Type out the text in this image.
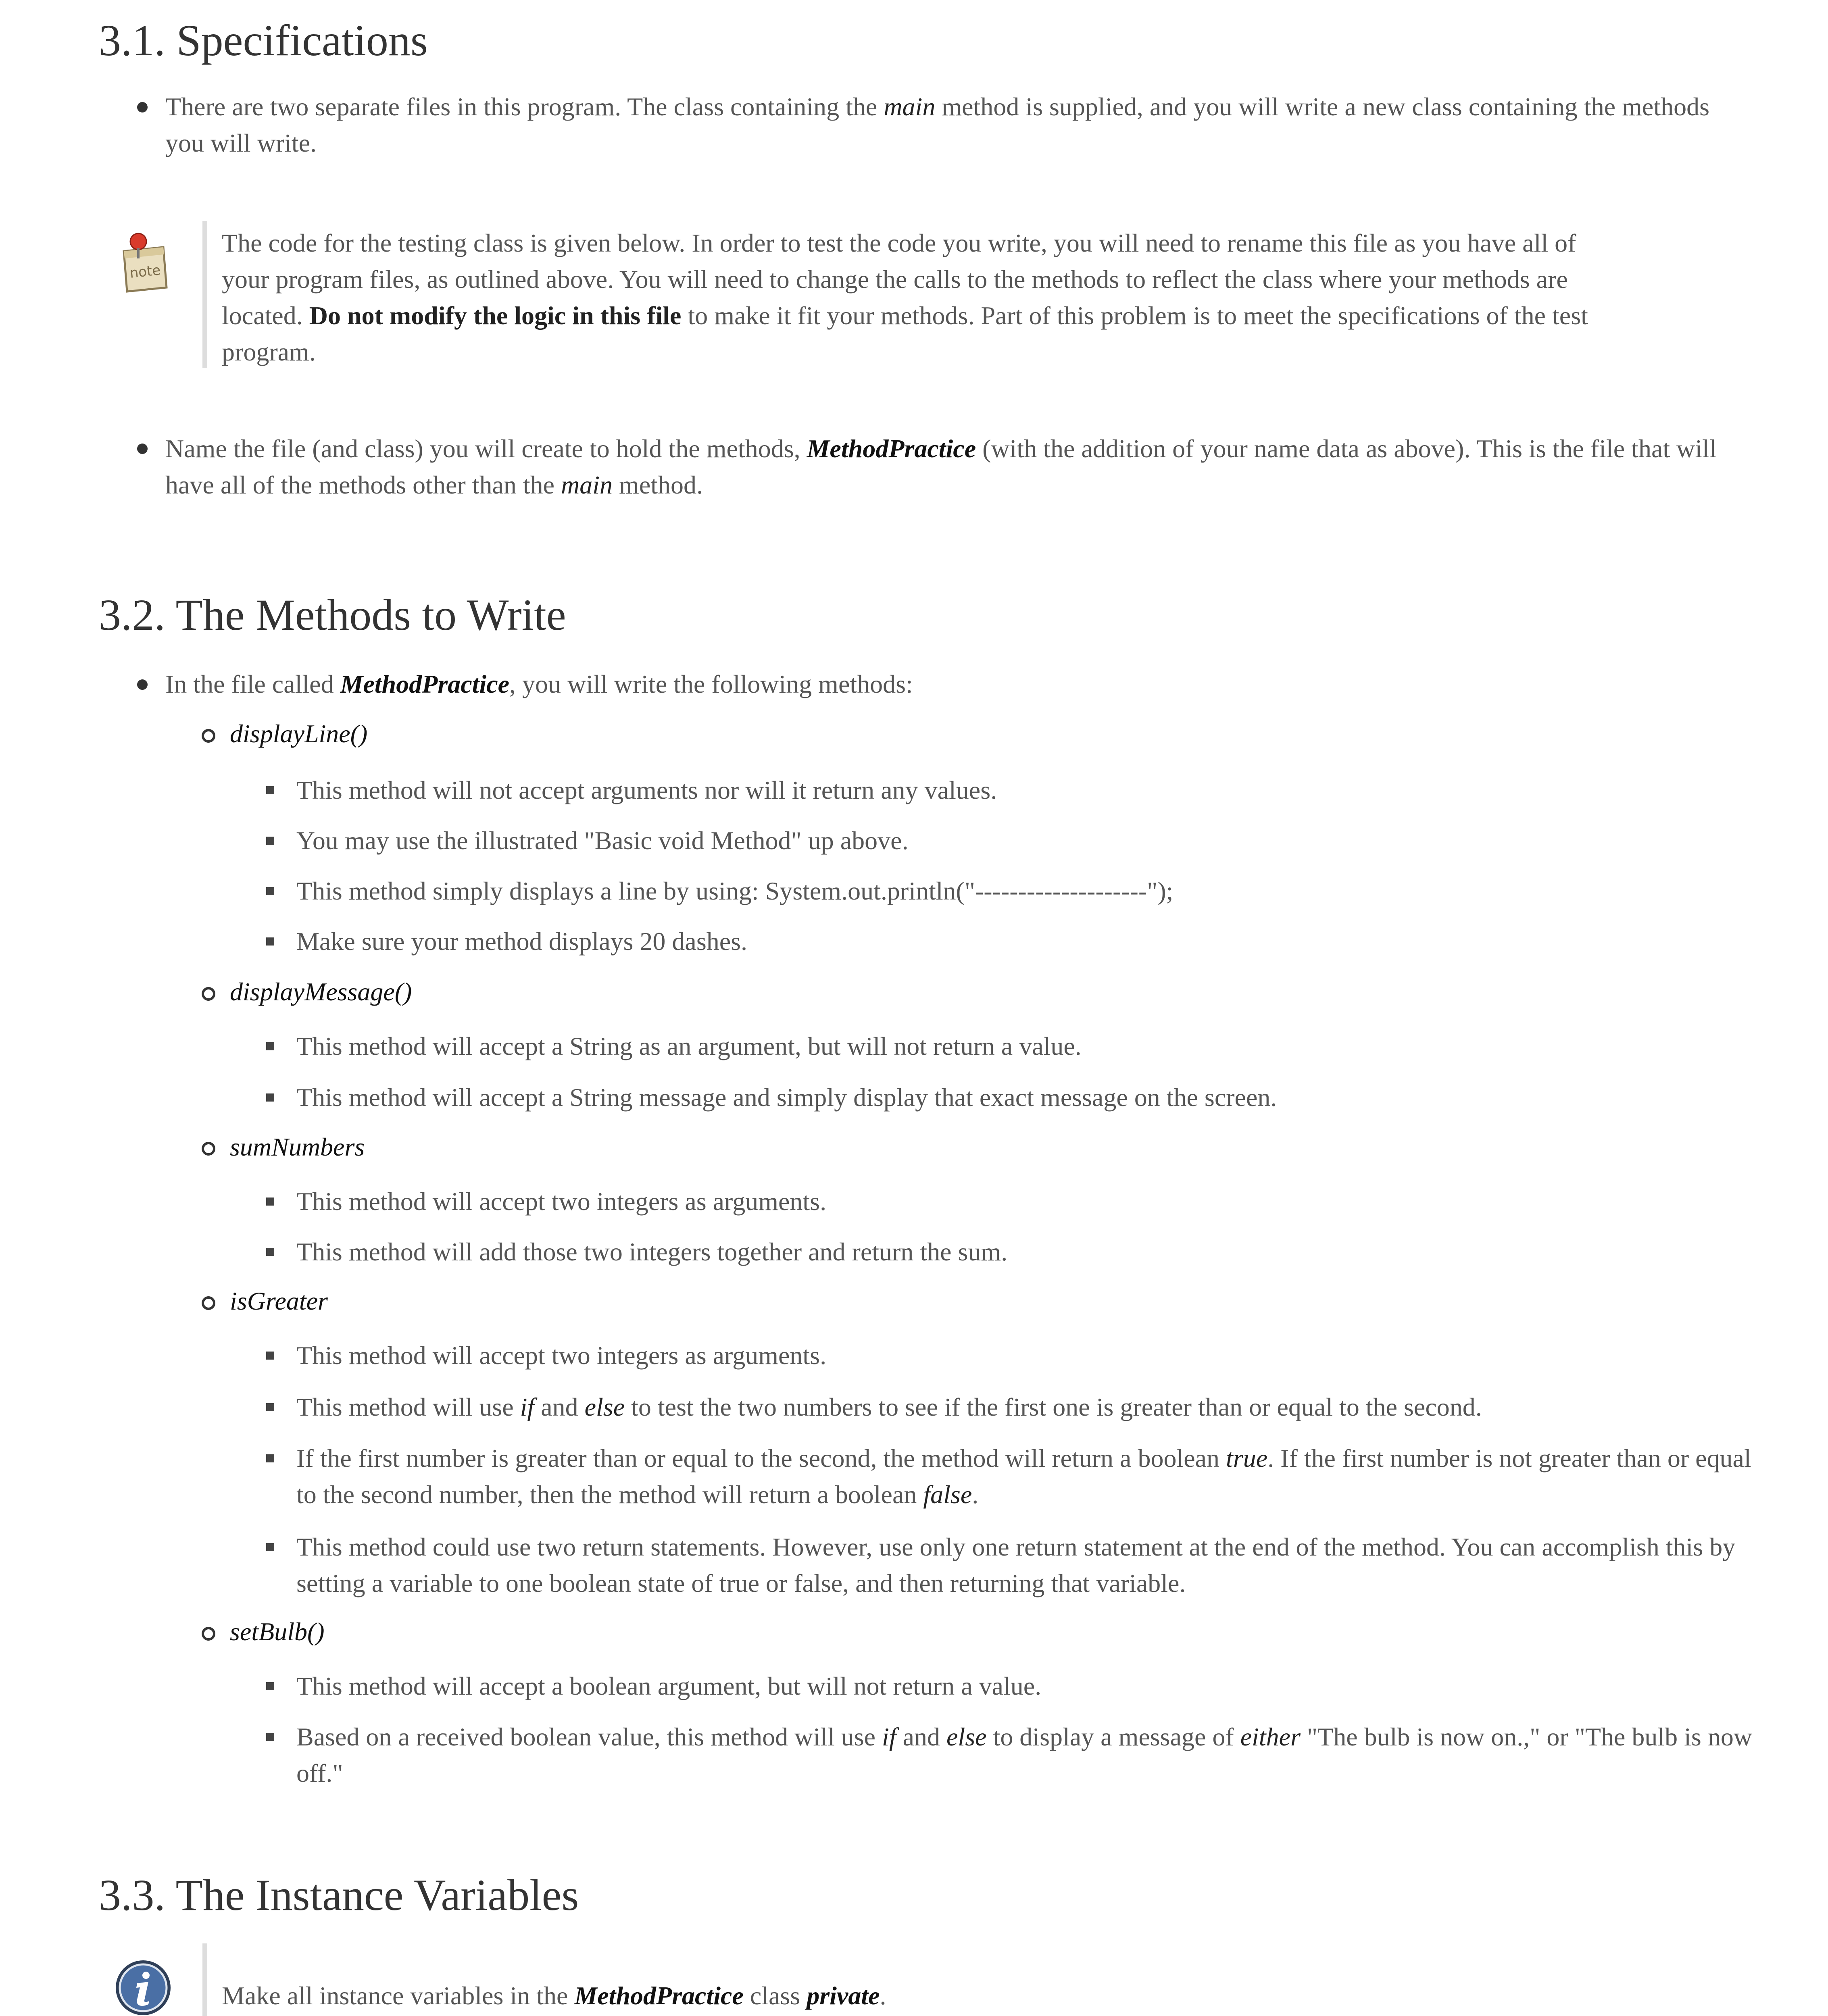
3.1. Specifications
There are two separate files in this program. The class containing the main method is supplied, and you will write a new class containing the methods you will write.
note
The code for the testing class is given below. In order to test the code you write, you will need to rename this file as you have all of your program files, as outlined above. You will need to change the calls to the methods to reflect the class where your methods are located. Do not modify the logic in this file to make it fit your methods. Part of this problem is to meet the specifications of the test program.
Name the file (and class) you will create to hold the methods, MethodPractice (with the addition of your name data as above). This is the file that will have all of the methods other than the main method.
3.2. The Methods to Write
In the file called MethodPractice, you will write the following methods:
displayLine()
This method will not accept arguments nor will it return any values.
You may use the illustrated "Basic void Method" up above.
This method simply displays a line by using: System.out.println("--------------------");
Make sure your method displays 20 dashes.
displayMessage()
This method will accept a String as an argument, but will not return a value.
This method will accept a String message and simply display that exact message on the screen.
sumNumbers
This method will accept two integers as arguments.
This method will add those two integers together and return the sum.
isGreater
This method will accept two integers as arguments.
This method will use if and else to test the two numbers to see if the first one is greater than or equal to the second.
If the first number is greater than or equal to the second, the method will return a boolean true. If the first number is not greater than or equal to the second number, then the method will return a boolean false.
This method could use two return statements. However, use only one return statement at the end of the method. You can accomplish this by setting a variable to one boolean state of true or false, and then returning that variable.
setBulb()
This method will accept a boolean argument, but will not return a value.
Based on a received boolean value, this method will use if and else to display a message of either "The bulb is now on.," or "The bulb is now off."
3.3. The Instance Variables
Make all instance variables in the MethodPractice class private.
